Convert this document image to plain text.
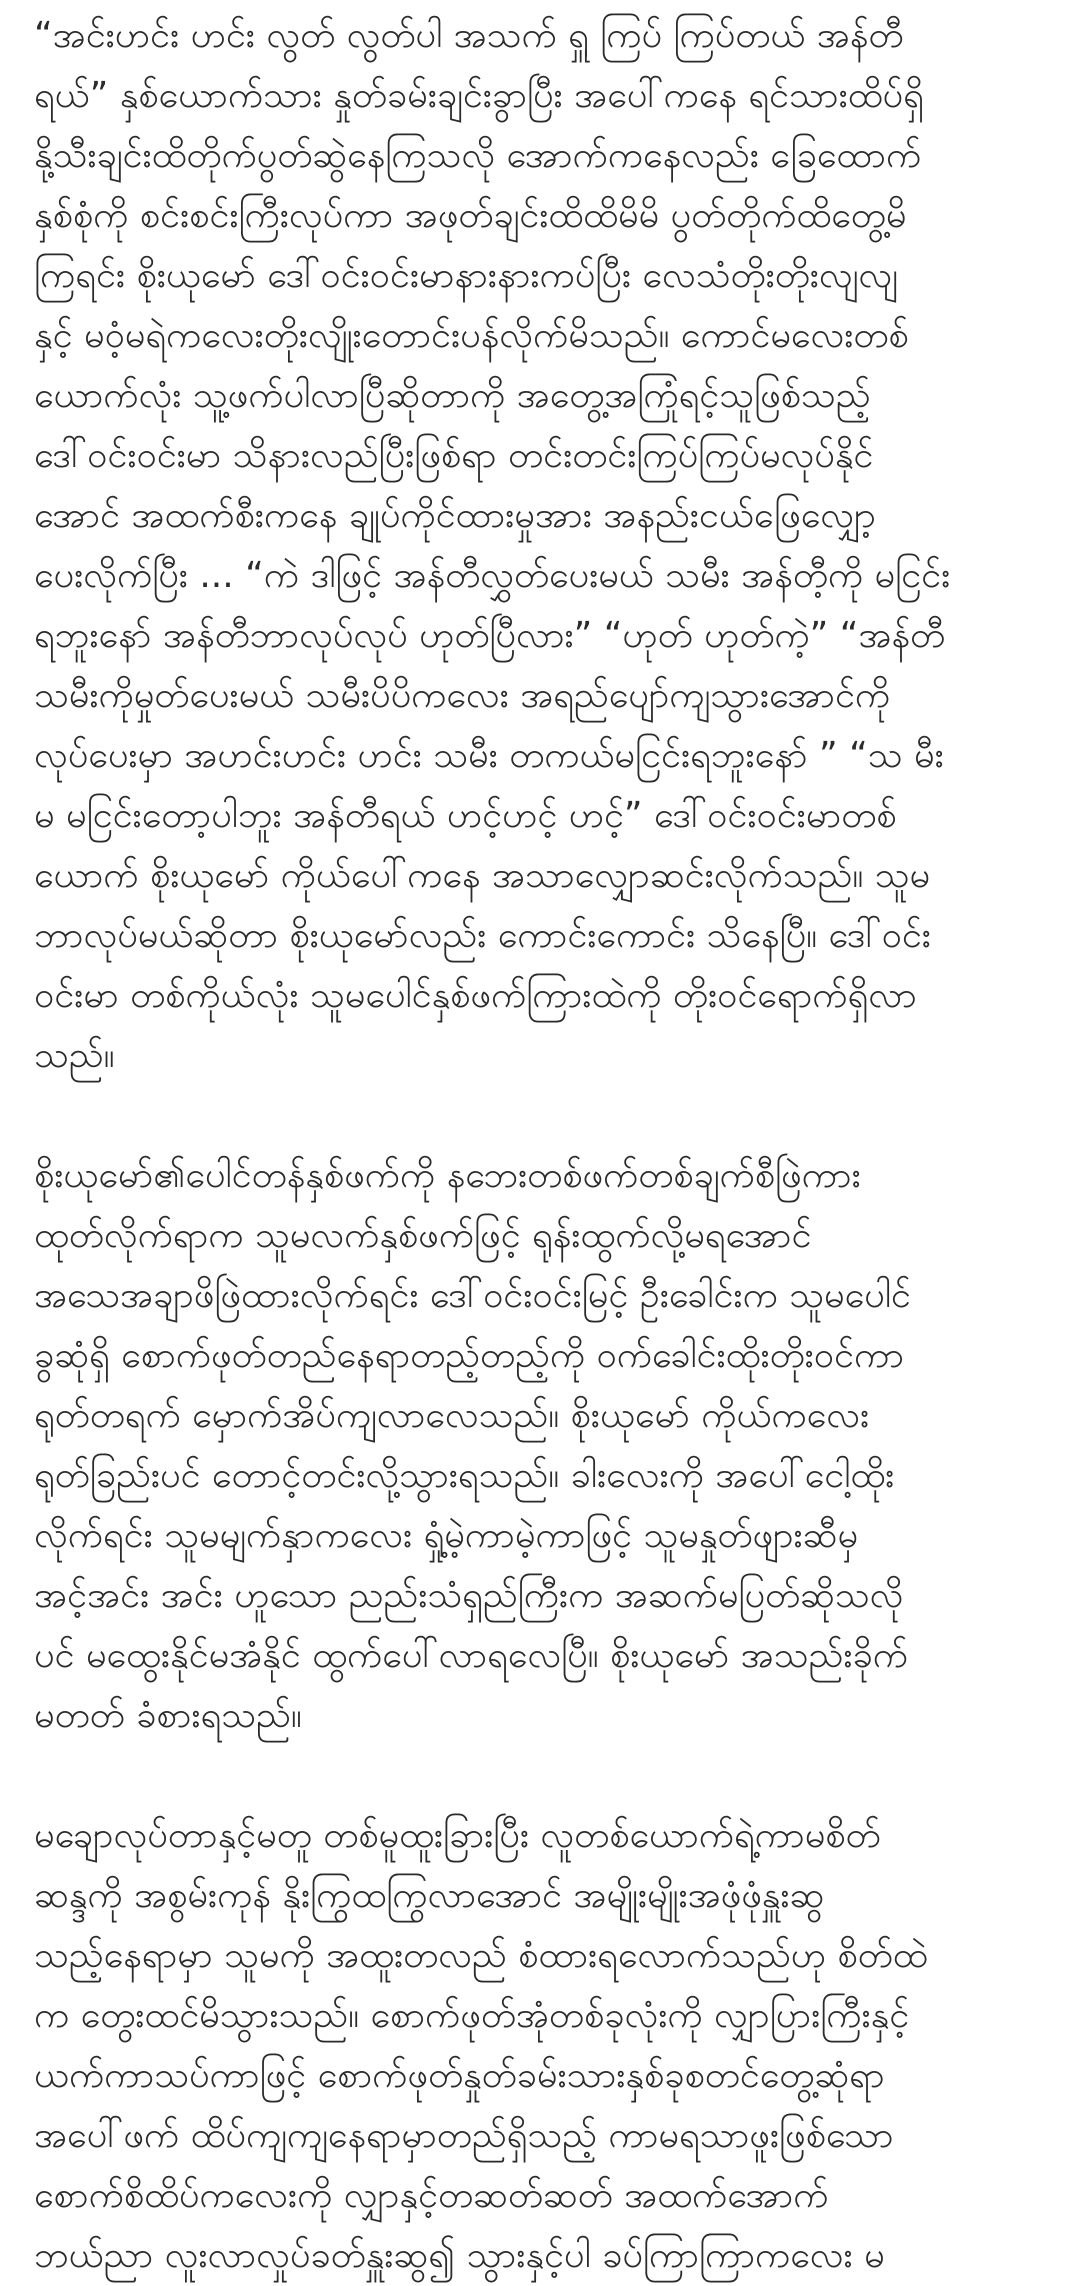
“အင်းဟင်း ဟင်း လွတ် လွတ်ပါ အသက် ရှူ ကြပ် ကြပ်တယ် အန်တီ
ရယ်” နှစ်ယောက်သား နှုတ်ခမ်းချင်းခွာပြီး အပေါ်ကနေ ရင်သားထိပ်ရှိ
နို့သီးချင်းထိတိုက်ပွတ်ဆွဲနေကြသလို အောက်ကနေလည်း ခြေထောက်
နှစ်စုံကို စင်းစင်းကြီးလုပ်ကာ အဖုတ်ချင်းထိထိမိမိ ပွတ်တိုက်ထိတွေ့မိ
ကြရင်း စိုးယုမော် ဒေါ်ဝင်းဝင်းမာနားနားကပ်ပြီး လေသံတိုးတိုးလျလျ
နှင့် မဝံ့မရဲကလေးတိုးလျိုးတောင်းပန်လိုက်မိသည်။ ကောင်မလေးတစ်
ယောက်လုံး သူ့ဖက်ပါလာပြီဆိုတာကို အတွေ့အကြုံရင့်သူဖြစ်သည့်
ဒေါ်ဝင်းဝင်းမာ သိနားလည်ပြီးဖြစ်ရာ တင်းတင်းကြပ်ကြပ်မလုပ်နိုင်
အောင် အထက်စီးကနေ ချုပ်ကိုင်ထားမှုအား အနည်းငယ်ဖြေလျှော့
ပေးလိုက်ပြီး ... “ကဲ ဒါဖြင့် အန်တီလွှတ်ပေးမယ် သမီး အန်တီ့ကို မငြင်း
ရဘူးနော် အန်တီဘာလုပ်လုပ် ဟုတ်ပြီလား” “ဟုတ် ဟုတ်ကဲ့” “အန်တီ
သမီးကိုမှုတ်ပေးမယ် သမီးပိပိကလေး အရည်ပျော်ကျသွားအောင်ကို
လုပ်ပေးမှာ အဟင်းဟင်း ဟင်း သမီး တကယ်မငြင်းရဘူးနော် ” “သ မီး
မ မငြင်းတော့ပါဘူး အန်တီရယ် ဟင့်ဟင့် ဟင့်” ဒေါ်ဝင်းဝင်းမာတစ်
ယောက် စိုးယုမော် ကိုယ်ပေါ်ကနေ အသာလျှောဆင်းလိုက်သည်။ သူမ
ဘာလုပ်မယ်ဆိုတာ စိုးယုမော်လည်း ကောင်းကောင်း သိနေပြီ။ ဒေါ်ဝင်း
ဝင်းမာ တစ်ကိုယ်လုံး သူမပေါင်နှစ်ဖက်ကြားထဲကို တိုးဝင်ရောက်ရှိလာ
သည်။
စိုးယုမော်၏ပေါင်တန်နှစ်ဖက်ကို နဘေးတစ်ဖက်တစ်ချက်စီဖြဲကား
ထုတ်လိုက်ရာက သူမလက်နှစ်ဖက်ဖြင့် ရုန်းထွက်လို့မရအောင်
အသေအချာဖိဖြဲထားလိုက်ရင်း ဒေါ်ဝင်းဝင်းမြင့် ဦးခေါင်းက သူမပေါင်
ခွဆုံရှိ စောက်ဖုတ်တည်နေရာတည့်တည့်ကို ဝက်ခေါင်းထိုးတိုးဝင်ကာ
ရုတ်တရက် မှောက်အိပ်ကျလာလေသည်။ စိုးယုမော် ကိုယ်ကလေး
ရုတ်ခြည်းပင် တောင့်တင်းလို့သွားရသည်။ ခါးလေးကို အပေါ်ငေါ့ထိုး
လိုက်ရင်း သူမမျက်နှာကလေး ရှုံ့မဲ့ကာမဲ့ကာဖြင့် သူမနှုတ်ဖျားဆီမှ
အင့်အင်း အင်း ဟူသော ညည်းသံရှည်ကြီးက အဆက်မပြတ်ဆိုသလို
ပင် မထွေးနိုင်မအံနိုင် ထွက်ပေါ်လာရလေပြီ။ စိုးယုမော် အသည်းခိုက်
မတတ် ခံစားရသည်။
မချောလုပ်တာနှင့်မတူ တစ်မူထူးခြားပြီး လူတစ်ယောက်ရဲ့ကာမစိတ်
ဆန္ဒကို အစွမ်းကုန် နိုးကြွထကြွလာအောင် အမျိုးမျိုးအဖုံဖုံနှူးဆွ
သည့်နေရာမှာ သူမကို အထူးတလည် စံထားရလောက်သည်ဟု စိတ်ထဲ
က တွေးထင်မိသွားသည်။ စောက်ဖုတ်အုံတစ်ခုလုံးကို လျှာပြားကြီးနှင့်
ယက်ကာသပ်ကာဖြင့် စောက်ဖုတ်နှုတ်ခမ်းသားနှစ်ခုစတင်တွေ့ဆုံရာ
အပေါ်ဖက် ထိပ်ကျကျနေရာမှာတည်ရှိသည့် ကာမရသာဖူးဖြစ်သော
စောက်စိထိပ်ကလေးကို လျှာနှင့်တဆတ်ဆတ် အထက်အောက်
ဘယ်ညာ လူးလာလှုပ်ခတ်နှူးဆွ၍ သွားနှင့်ပါ ခပ်ကြာကြာကလေး မ
